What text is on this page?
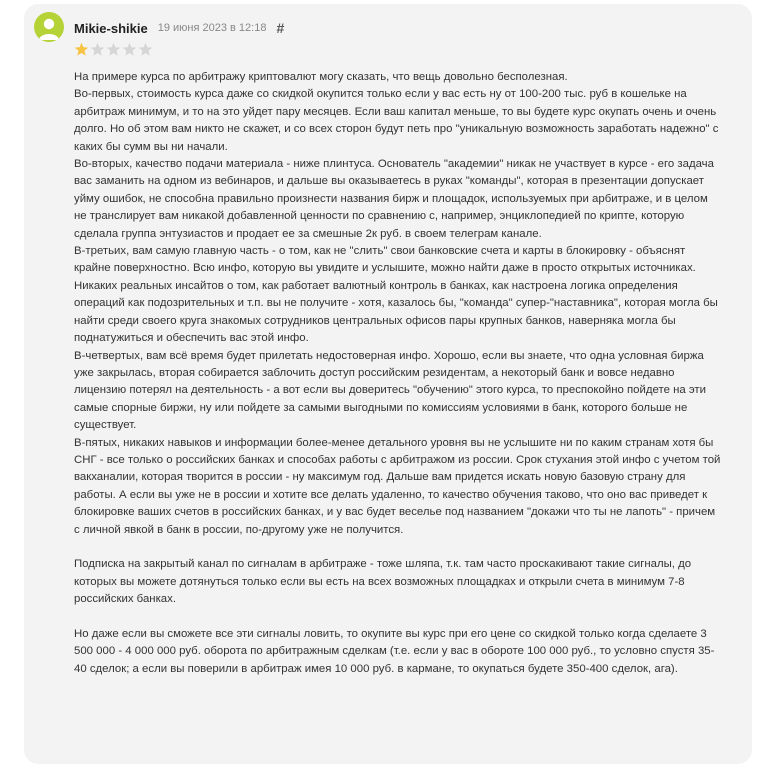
Mikie-shikie 19 июня 2023 в 12:18 #

На примере курса по арбитражу криптовалют могу сказать, что вещь довольно бесполезная.

Во-первых, стоимость курса даже со скидкой окупится только если у вас есть ну от 100-200 тыс. руб в кошельке на арбитраж минимум, и то на это уйдет пару месяцев. Если ваш капитал меньше, то вы будете курс окупать очень и очень долго. Но об этом вам никто не скажет, и со всех сторон будут петь про "уникальную возможность заработать надежно" с каких бы сумм вы ни начали.

Во-вторых, качество подачи материала - ниже плинтуса. Основатель "академии" никак не участвует в курсе - его задача вас заманить на одном из вебинаров, и дальше вы оказываетесь в руках "команды", которая в презентации допускает уйму ошибок, не способна правильно произнести названия бирж и площадок, используемых при арбитраже, и в целом не транслирует вам никакой добавленной ценности по сравнению с, например, энциклопедией по крипте, которую сделала группа энтузиастов и продает ее за смешные 2к руб. в своем телеграм канале.

В-третьих, вам самую главную часть - о том, как не "слить" свои банковские счета и карты в блокировку - объяснят крайне поверхностно. Всю инфо, которую вы увидите и услышите, можно найти даже в просто открытых источниках. Никаких реальных инсайтов о том, как работает валютный контроль в банках, как настроена логика определения операций как подозрительных и т.п. вы не получите - хотя, казалось бы, "команда" супер-"наставника", которая могла бы найти среди своего круга знакомых сотрудников центральных офисов пары крупных банков, наверняка могла бы поднатужиться и обеспечить вас этой инфо.

В-четвертых, вам всё время будет прилетать недостоверная инфо. Хорошо, если вы знаете, что одна условная биржа уже закрылась, вторая собирается заблочить доступ российским резидентам, а некоторый банк и вовсе недавно лицензию потерял на деятельность - а вот если вы доверитесь "обучению" этого курса, то преспокойно пойдете на эти самые спорные биржи, ну или пойдете за самыми выгодными по комиссиям условиями в банк, которого больше не существует.

В-пятых, никаких навыков и информации более-менее детального уровня вы не услышите ни по каким странам хотя бы СНГ - все только о российских банках и способах работы с арбитражом из россии. Срок стухания этой инфо с учетом той вакханалии, которая творится в россии - ну максимум год. Дальше вам придется искать новую базовую страну для работы. А если вы уже не в россии и хотите все делать удаленно, то качество обучения таково, что оно вас приведет к блокировке ваших счетов в российских банках, и у вас будет веселье под названием "докажи что ты не лапоть" - причем с личной явкой в банк в россии, по-другому уже не получится.

Подписка на закрытый канал по сигналам в арбитраже - тоже шляпа, т.к. там часто проскакивают такие сигналы, до которых вы можете дотянуться только если вы есть на всех возможных площадках и открыли счета в минимум 7-8 российских банках.

Но даже если вы сможете все эти сигналы ловить, то окупите вы курс при его цене со скидкой только когда сделаете 3 500 000 - 4 000 000 руб. оборота по арбитражным сделкам (т.е. если у вас в обороте 100 000 руб., то условно спустя 35-40 сделок; а если вы поверили в арбитраж имея 10 000 руб. в кармане, то окупаться будете 350-400 сделок, ага).
